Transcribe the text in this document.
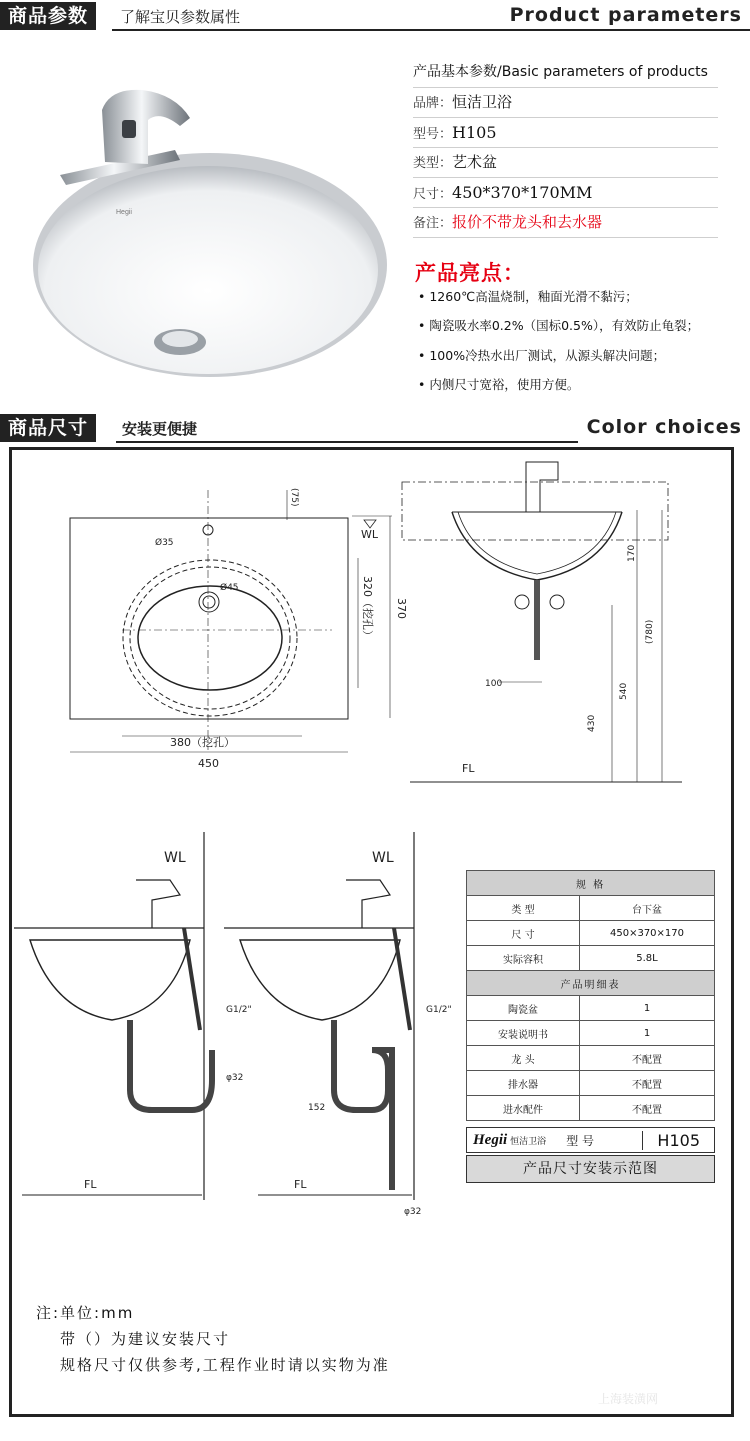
商品参数	了解宝贝参数属性	Product parameters
Hegii
产品基本参数/Basic parameters of products
品牌：恒洁卫浴
型号：H105
类型：艺术盆
尺寸：450*370*170MM
备注：报价不带龙头和去水器
产品亮点：
• 1260℃高温烧制，釉面光滑不黏污；
• 陶瓷吸水率0.2%（国标0.5%），有效防止龟裂；
• 100%冷热水出厂测试，从源头解决问题；
• 内侧尺寸宽裕，使用方便。
商品尺寸	安装更便捷	Color choices
Ø35
Ø45
(75)
WL
320（挖孔） 370
380（挖孔）
450
170
(780)
100	540
430
FL
WL
G1/2"
φ32
FL
WL
G1/2"
152
φ32
FL
规 格	
类 型	台下盆
尺 寸	450×370×170
实际容积	5.8L
产品明细表	
陶瓷盆	1
安装说明书	1
龙 头	不配置
排水器	不配置
进水配件	不配置
Hegii 恒洁卫浴 型 号	H105
产品尺寸安装示范图
注:单位:mm
带（）为建议安装尺寸
规格尺寸仅供参考,工程作业时请以实物为准
上海装潢网
